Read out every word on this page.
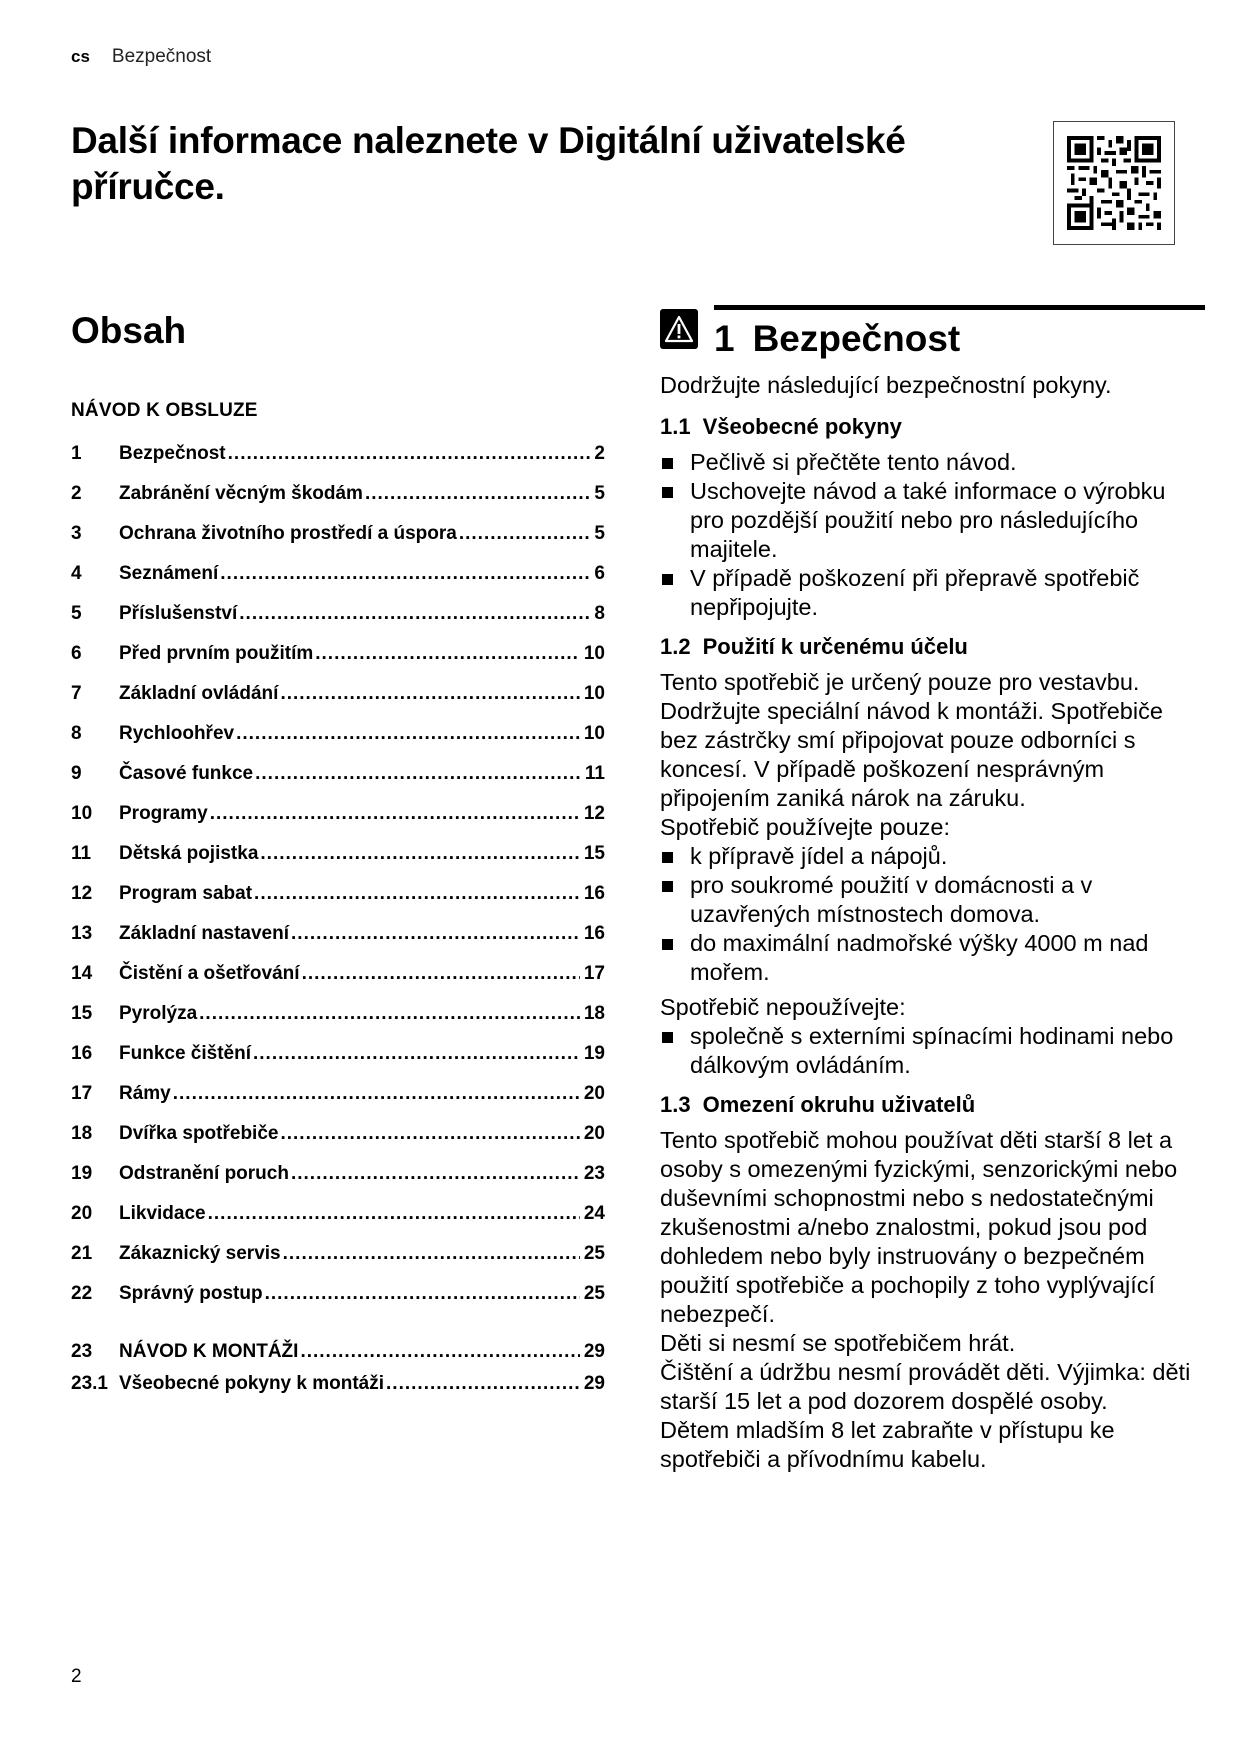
cs Bezpečnost
Další informace naleznete v Digitální uživatelské příručce.
Obsah
NÁVOD K OBSLUZE
1	Bezpečnost .....	2
2	Zabránění věcným škodám .....	5
3	Ochrana životního prostředí a úspora .....	5
4	Seznámení .....	6
5	Příslušenství .....	8
6	Před prvním použitím .....	10
7	Základní ovládání .....	10
8	Rychloohřev .....	10
9	Časové funkce .....	11
10	Programy .....	12
11	Dětská pojistka .....	15
12	Program sabat .....	16
13	Základní nastavení .....	16
14	Čistění a ošetřování .....	17
15	Pyrolýza .....	18
16	Funkce čištění .....	19
17	Rámy .....	20
18	Dvířka spotřebiče .....	20
19	Odstranění poruch .....	23
20	Likvidace .....	24
21	Zákaznický servis .....	25
22	Správný postup .....	25
23	NÁVOD K MONTÁŽI .....	29
23.1 Všeobecné pokyny k montáži .....	29
1 Bezpečnost

Dodržujte následující bezpečnostní pokyny.

1.1 Všeobecné pokyny
Pečlivě si přečtěte tento návod.
Uschovejte návod a také informace o výrobku pro pozdější použití nebo pro následujícího majitele.
V případě poškození při přepravě spotřebič nepřipojujte.
1.2 Použití k určenému účelu

Tento spotřebič je určený pouze pro vestavbu. Dodržujte speciální návod k montáži. Spotřebiče bez zástrčky smí připojovat pouze odborníci s koncesí. V případě poškození nesprávným připojením zaniká nárok na záruku.

Spotřebič používejte pouze:

k přípravě jídel a nápojů.
pro soukromé použití v domácnosti a v uzavřených místnostech domova.
do maximální nadmořské výšky 4000 m nad mořem.

Spotřebič nepoužívejte:

společně s externími spínacími hodinami nebo dálkovým ovládáním.
1.3 Omezení okruhu uživatelů

Tento spotřebič mohou používat děti starší 8 let a osoby s omezenými fyzickými, senzorickými nebo duševními schopnostmi nebo s nedostatečnými zkušenostmi a/nebo znalostmi, pokud jsou pod dohledem nebo byly instruovány o bezpečném použití spotřebiče a pochopily z toho vyplývající nebezpečí.

Děti si nesmí se spotřebičem hrát.

Čištění a údržbu nesmí provádět děti. Výjimka: děti starší 15 let a pod dozorem dospělé osoby.

Dětem mladším 8 let zabraňte v přístupu ke spotřebiči a přívodnímu kabelu.

2
